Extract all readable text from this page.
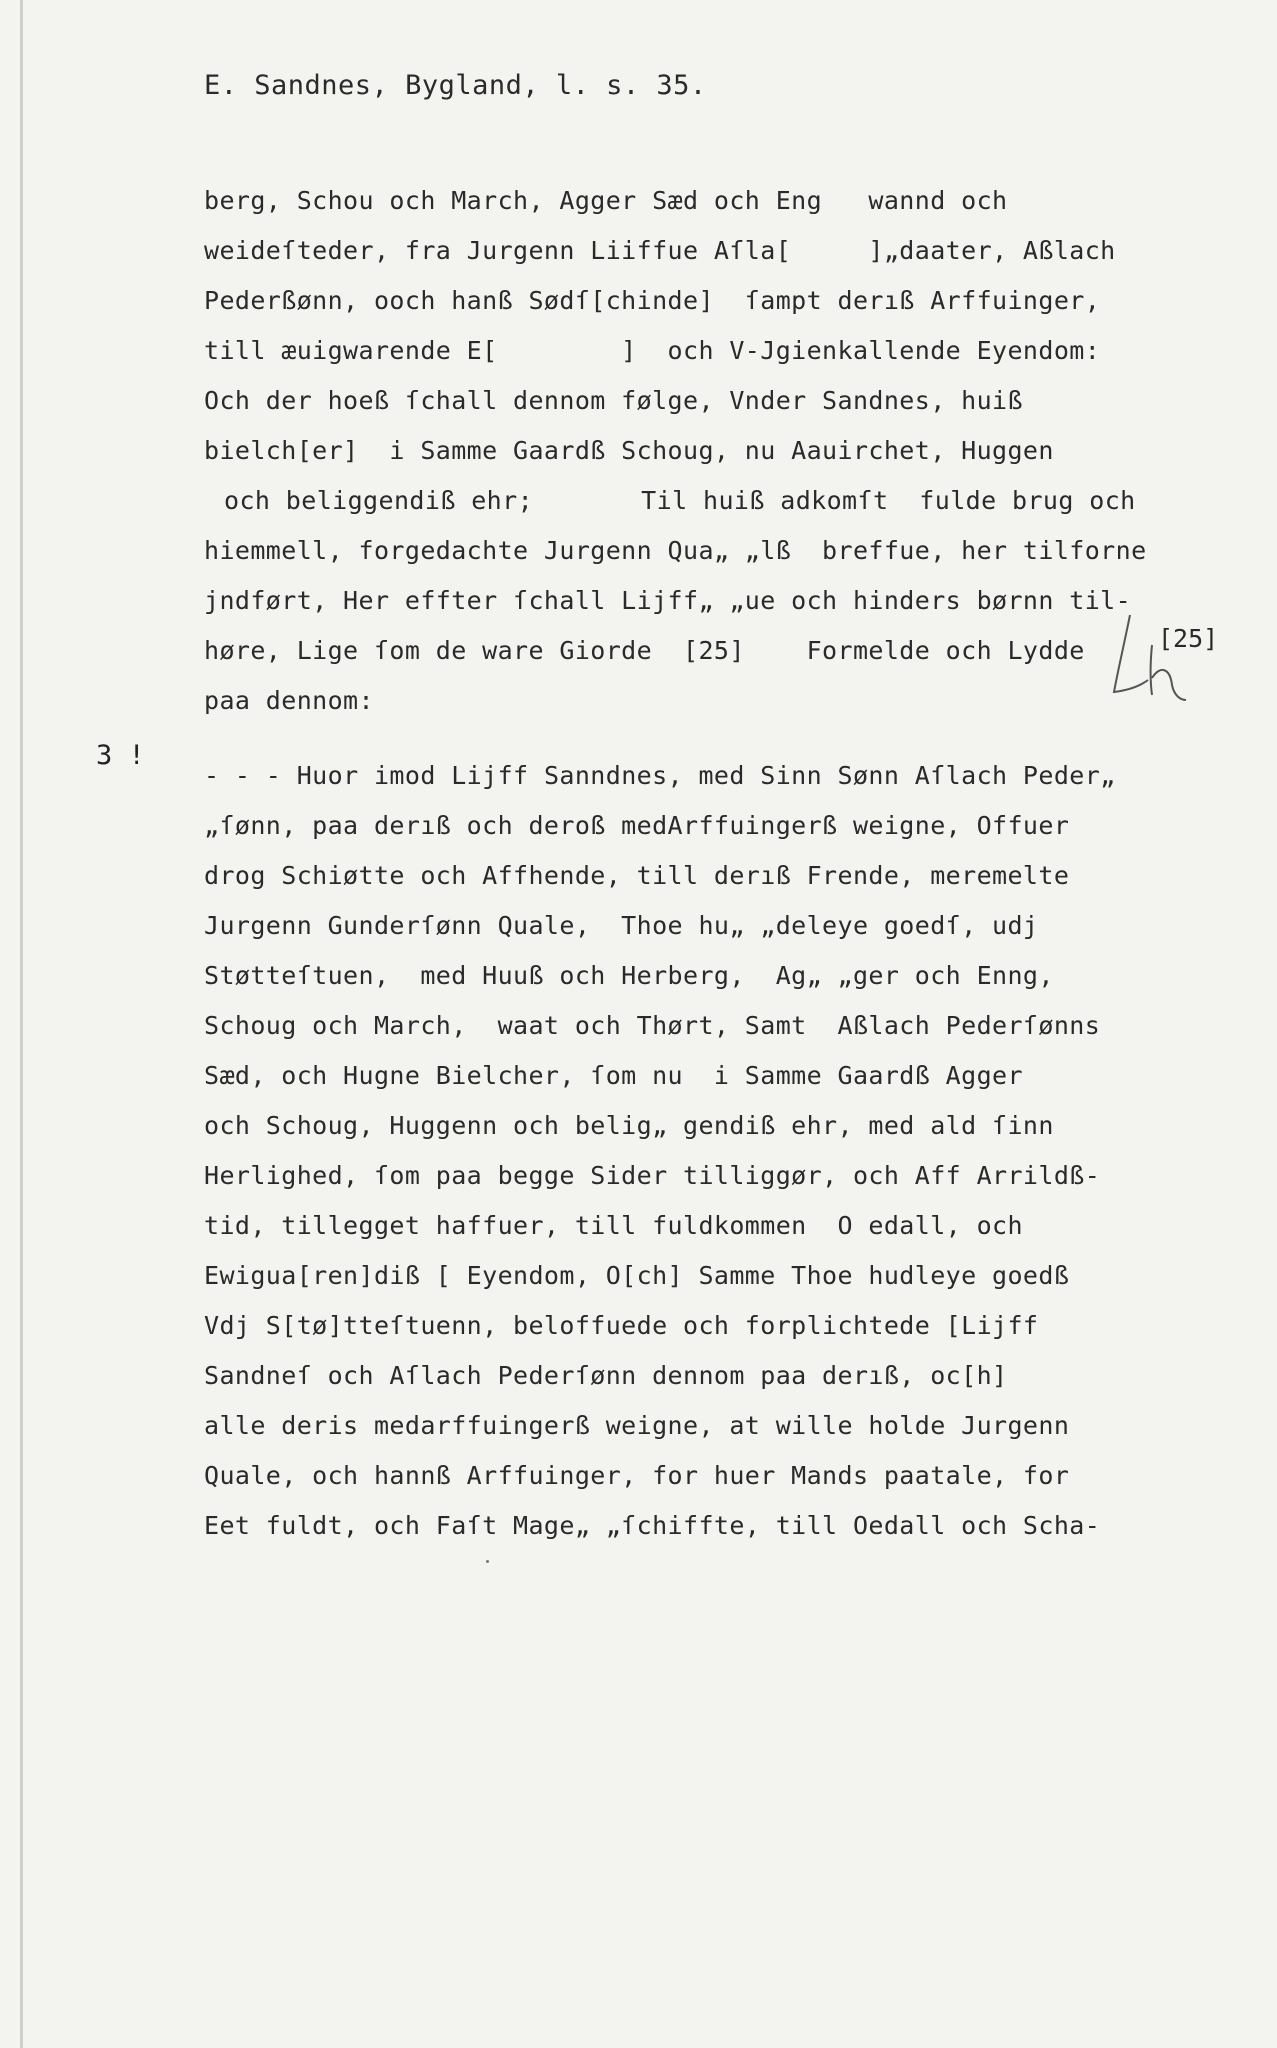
E. Sandnes, Bygland, l. s. 35.
[25]
3 !
berg, Schou och March, Agger Sæd och Eng   wannd och
weideſteder, fra Jurgenn Liiffue Aſla[     ]„daater, Aßlach
Pederßønn, ooch hanß Sødſ[chinde]  ſampt derıß Arffuinger,
till æuigwarende E[        ]  och V-Jgienkallende Eyendom:
Och der hoeß ſchall dennom følge, Vnder Sandnes, huiß
bielch[er]  i Samme Gaardß Schoug, nu Aauirchet, Huggen
och beliggendiß ehr;       Til huiß adkomſt  fulde brug och
hiemmell, forgedachte Jurgenn Qua„ „lß  breffue, her tilforne
jndført, Her effter ſchall Lijff„ „ue och hinders børnn til-
høre, Lige ſom de ware Giorde  [25]    Formelde och Lydde
paa dennom:
- - - Huor imod Lijff Sanndnes, med Sinn Sønn Aſlach Peder„
„ſønn, paa derıß och deroß medArffuingerß weigne, Offuer
drog Schiøtte och Affhende, till derıß Frende, meremelte
Jurgenn Gunderſønn Quale,  Thoe hu„ „deleye goedſ, udj
Støtteſtuen,  med Huuß och Herberg,  Ag„ „ger och Enng,
Schoug och March,  waat och Thørt, Samt  Aßlach Pederſønns
Sæd, och Hugne Bielcher, ſom nu  i Samme Gaardß Agger
och Schoug, Huggenn och belig„ gendiß ehr, med ald ſinn
Herlighed, ſom paa begge Sider tilliggør, och Aff Arrildß-
tid, tillegget haffuer, till fuldkommen  O edall, och
Ewigua[ren]diß [ Eyendom, O[ch] Samme Thoe hudleye goedß
Vdj S[tø]tteſtuenn, beloffuede och forplichtede [Lijff
Sandneſ och Aſlach Pederſønn dennom paa derıß, oc[h]
alle deris medarffuingerß weigne, at wille holde Jurgenn
Quale, och hannß Arffuinger, for huer Mands paatale, for
Eet fuldt, och Faſt Mage„ „ſchiffte, till Oedall och Scha-
